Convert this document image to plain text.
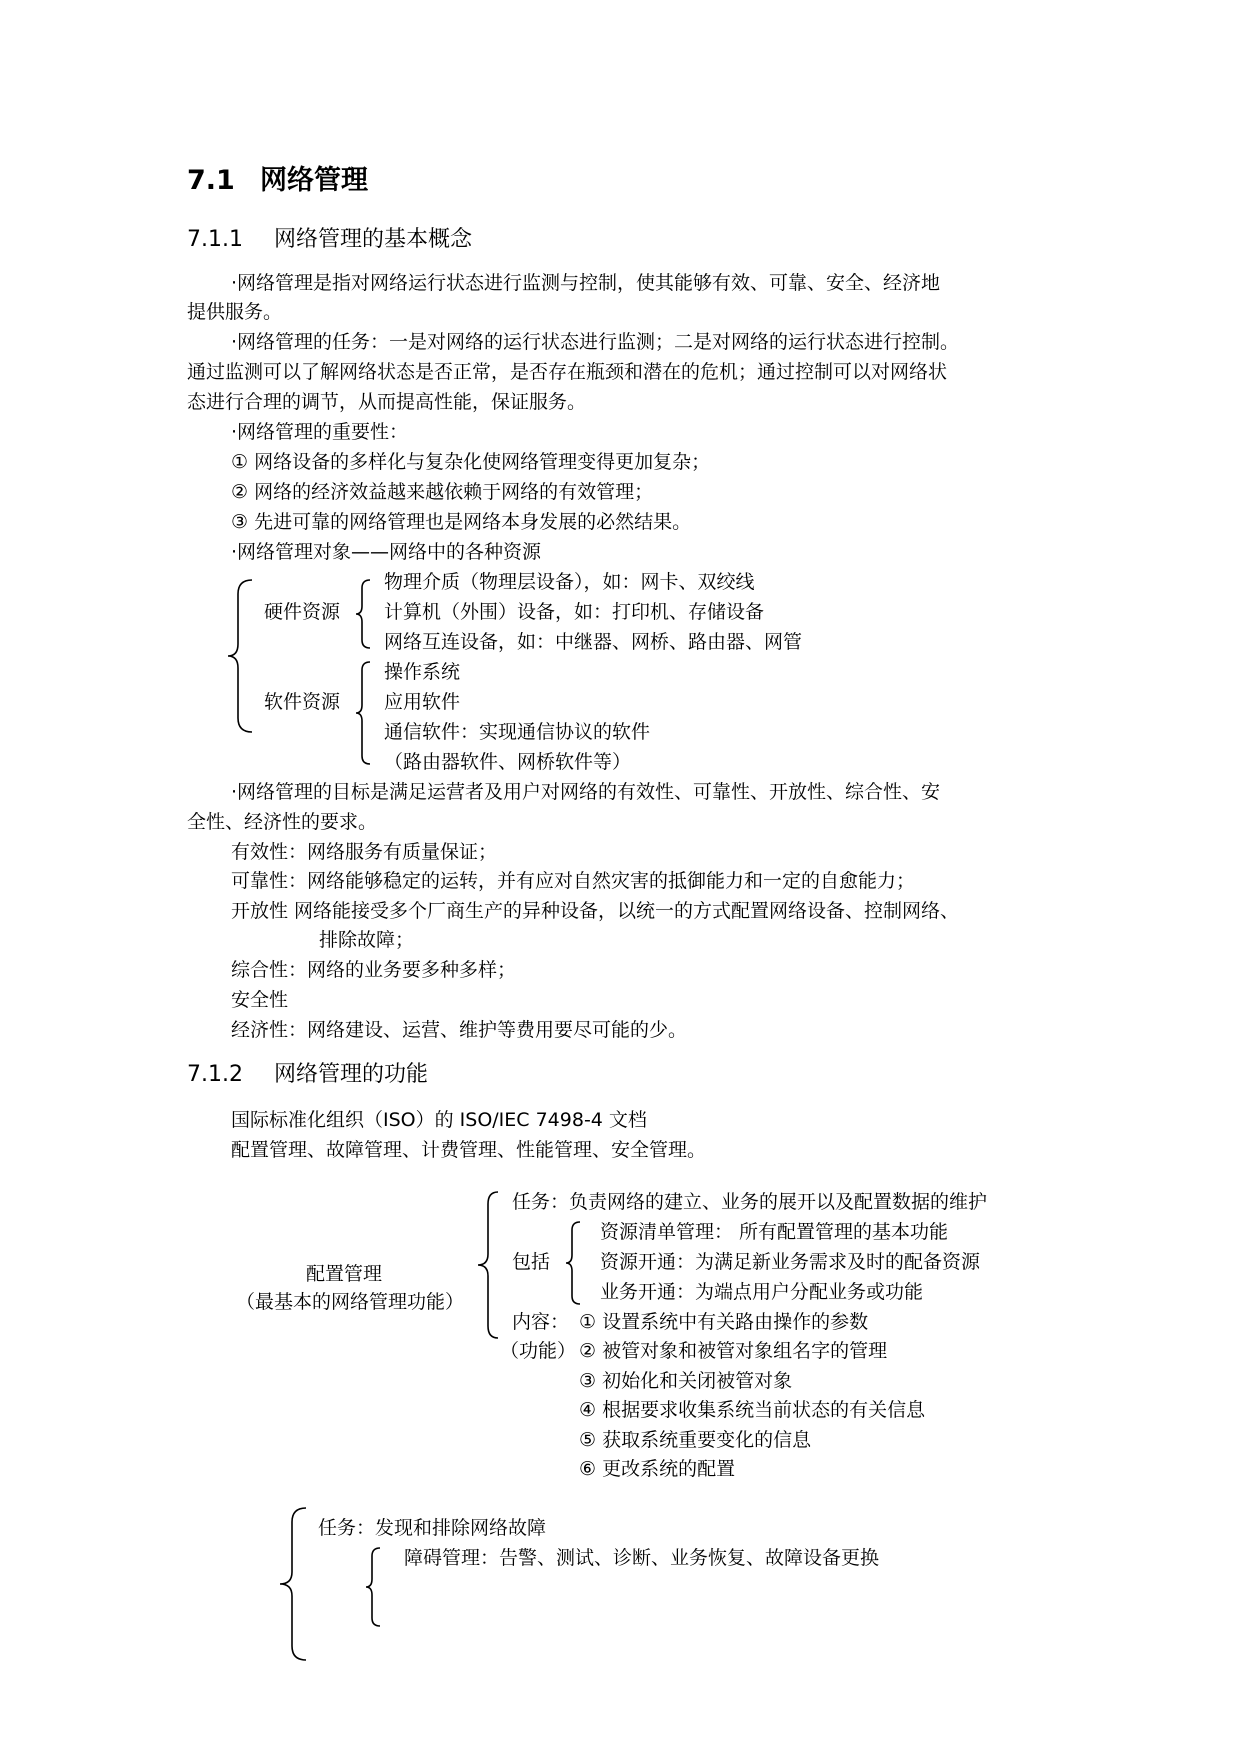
7.1 网络管理
7.1.1 网络管理的基本概念
·网络管理是指对网络运行状态进行监测与控制，使其能够有效、可靠、安全、经济地
提供服务。
·网络管理的任务：一是对网络的运行状态进行监测；二是对网络的运行状态进行控制。
通过监测可以了解网络状态是否正常，是否存在瓶颈和潜在的危机；通过控制可以对网络状
态进行合理的调节，从而提高性能，保证服务。
·网络管理的重要性：
① 网络设备的多样化与复杂化使网络管理变得更加复杂；
② 网络的经济效益越来越依赖于网络的有效管理；
③ 先进可靠的网络管理也是网络本身发展的必然结果。
·网络管理对象——网络中的各种资源
硬件资源
物理介质（物理层设备），如：网卡、双绞线
计算机（外围）设备，如：打印机、存储设备
网络互连设备，如：中继器、网桥、路由器、网管
软件资源
操作系统
应用软件
通信软件：实现通信协议的软件
（路由器软件、网桥软件等）
·网络管理的目标是满足运营者及用户对网络的有效性、可靠性、开放性、综合性、安
全性、经济性的要求。
有效性：网络服务有质量保证；
可靠性：网络能够稳定的运转，并有应对自然灾害的抵御能力和一定的自愈能力；
开放性 网络能接受多个厂商生产的异种设备，以统一的方式配置网络设备、控制网络、
排除故障；
综合性：网络的业务要多种多样；
安全性
经济性：网络建设、运营、维护等费用要尽可能的少。
7.1.2 网络管理的功能
国际标准化组织（ISO）的 ISO/IEC 7498-4 文档
配置管理、故障管理、计费管理、性能管理、安全管理。
配置管理
（最基本的网络管理功能）
任务：负责网络的建立、业务的展开以及配置数据的维护
包括
资源清单管理： 所有配置管理的基本功能
资源开通：为满足新业务需求及时的配备资源
业务开通：为端点用户分配业务或功能
内容：
（功能）
① 设置系统中有关路由操作的参数
② 被管对象和被管对象组名字的管理
③ 初始化和关闭被管对象
④ 根据要求收集系统当前状态的有关信息
⑤ 获取系统重要变化的信息
⑥ 更改系统的配置
任务：发现和排除网络故障
障碍管理：告警、测试、诊断、业务恢复、故障设备更换
